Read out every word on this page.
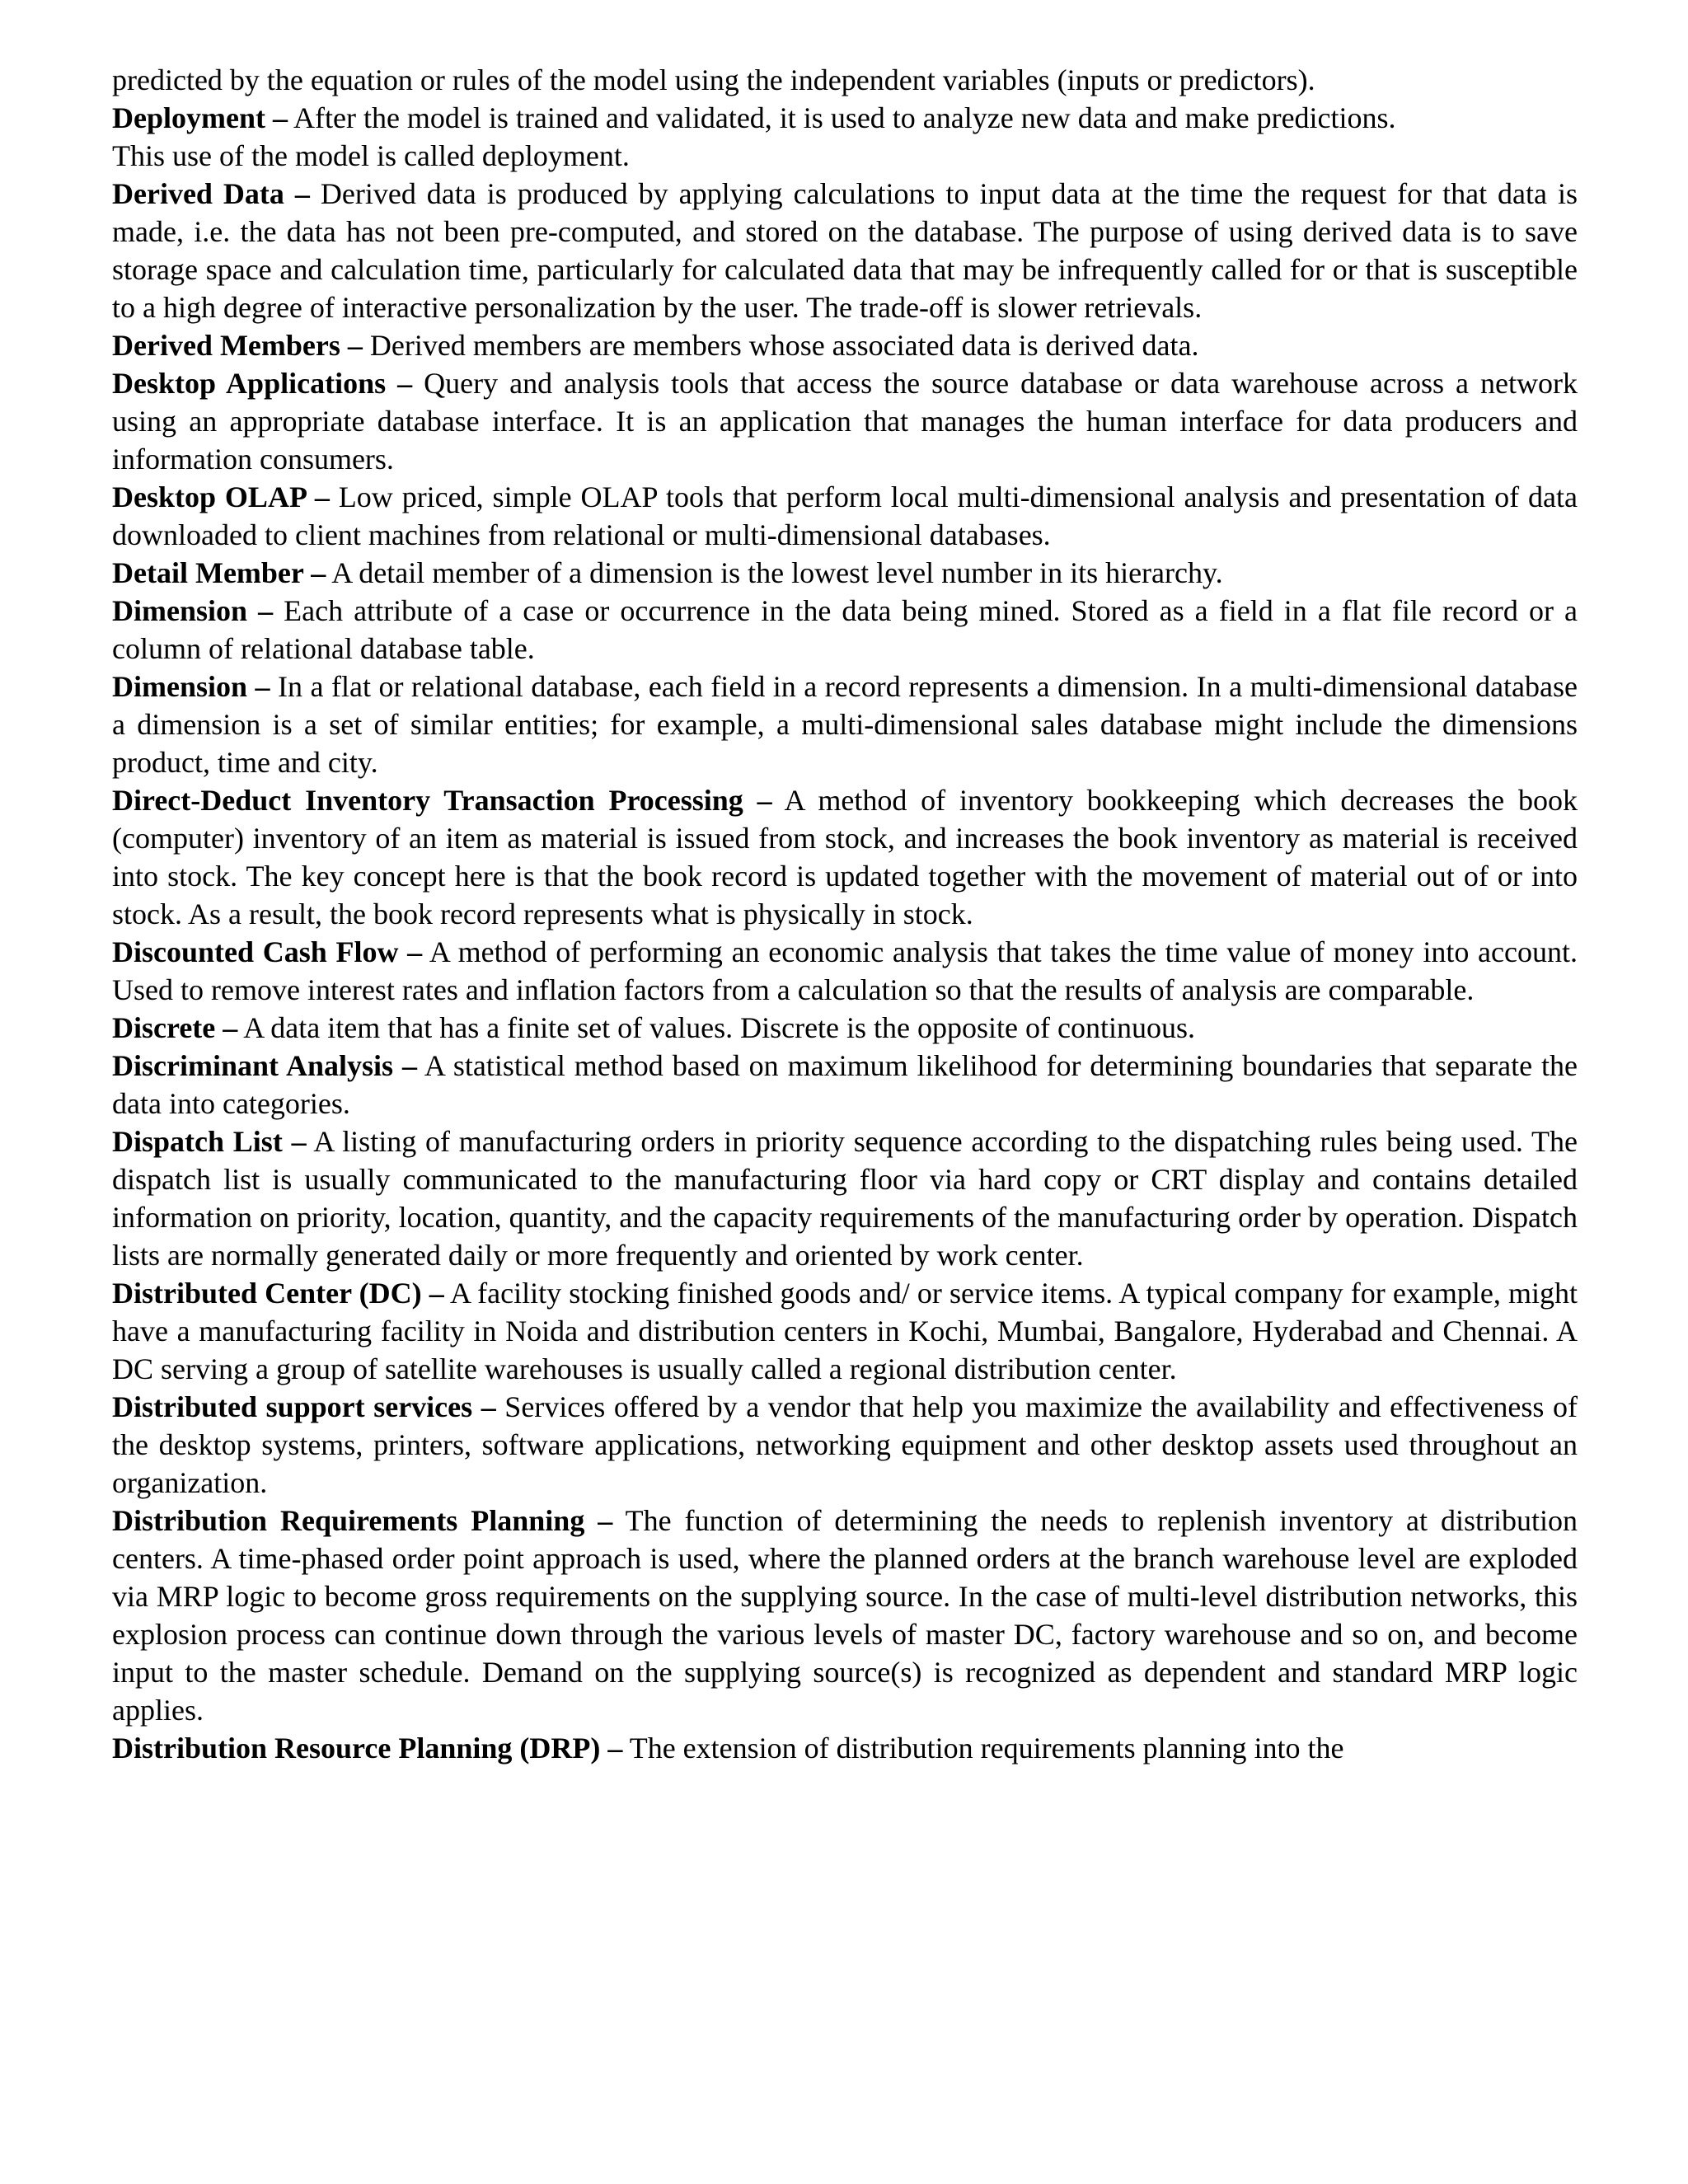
predicted by the equation or rules of the model using the independent variables (inputs or predictors).

Deployment – After the model is trained and validated, it is used to analyze new data and make predictions.

This use of the model is called deployment.

Derived Data – Derived data is produced by applying calculations to input data at the time the request for that data is made, i.e. the data has not been pre-computed, and stored on the database. The purpose of using derived data is to save storage space and calculation time, particularly for calculated data that may be infrequently called for or that is susceptible to a high degree of interactive personalization by the user. The trade-off is slower retrievals.

Derived Members – Derived members are members whose associated data is derived data.

Desktop Applications – Query and analysis tools that access the source database or data warehouse across a network using an appropriate database interface. It is an application that manages the human interface for data producers and information consumers.

Desktop OLAP – Low priced, simple OLAP tools that perform local multi-dimensional analysis and presentation of data downloaded to client machines from relational or multi-dimensional databases.

Detail Member – A detail member of a dimension is the lowest level number in its hierarchy.

Dimension – Each attribute of a case or occurrence in the data being mined. Stored as a field in a flat file record or a column of relational database table.

Dimension – In a flat or relational database, each field in a record represents a dimension. In a multi-dimensional database a dimension is a set of similar entities; for example, a multi-dimensional sales database might include the dimensions product, time and city.

Direct-Deduct Inventory Transaction Processing – A method of inventory bookkeeping which decreases the book (computer) inventory of an item as material is issued from stock, and increases the book inventory as material is received into stock. The key concept here is that the book record is updated together with the movement of material out of or into stock. As a result, the book record represents what is physically in stock.

Discounted Cash Flow – A method of performing an economic analysis that takes the time value of money into account. Used to remove interest rates and inflation factors from a calculation so that the results of analysis are comparable.

Discrete – A data item that has a finite set of values. Discrete is the opposite of continuous.

Discriminant Analysis – A statistical method based on maximum likelihood for determining boundaries that separate the data into categories.

Dispatch List – A listing of manufacturing orders in priority sequence according to the dispatching rules being used. The dispatch list is usually communicated to the manufacturing floor via hard copy or CRT display and contains detailed information on priority, location, quantity, and the capacity requirements of the manufacturing order by operation. Dispatch lists are normally generated daily or more frequently and oriented by work center.

Distributed Center (DC) – A facility stocking finished goods and/ or service items. A typical company for example, might have a manufacturing facility in Noida and distribution centers in Kochi, Mumbai, Bangalore, Hyderabad and Chennai. A DC serving a group of satellite warehouses is usually called a regional distribution center.

Distributed support services – Services offered by a vendor that help you maximize the availability and effectiveness of the desktop systems, printers, software applications, networking equipment and other desktop assets used throughout an organization.

Distribution Requirements Planning – The function of determining the needs to replenish inventory at distribution centers. A time-phased order point approach is used, where the planned orders at the branch warehouse level are exploded via MRP logic to become gross requirements on the supplying source. In the case of multi-level distribution networks, this explosion process can continue down through the various levels of master DC, factory warehouse and so on, and become input to the master schedule. Demand on the supplying source(s) is recognized as dependent and standard MRP logic applies.

Distribution Resource Planning (DRP) – The extension of distribution requirements planning into the
